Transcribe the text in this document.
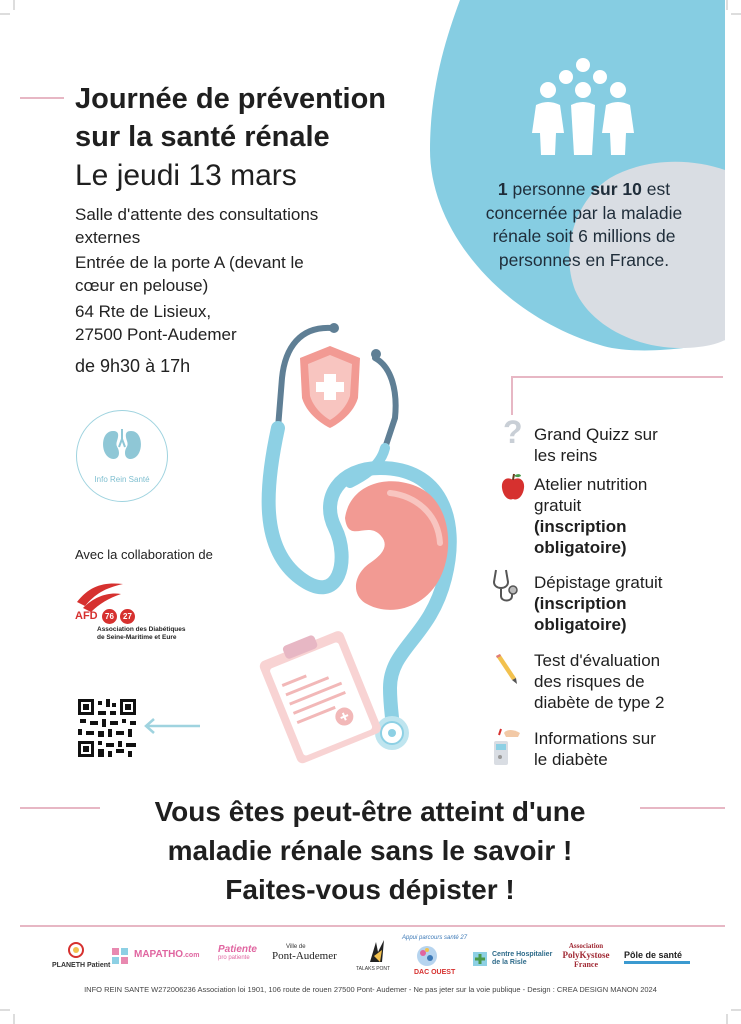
Journée de prévention
sur la santé rénale
Le jeudi 13 mars
Salle d'attente des consultations
externes
Entrée de la porte A (devant le
cœur en pelouse)
64 Rte de Lisieux,
27500 Pont-Audemer
de 9h30 à 17h
1 personne sur 10 est
concernée par la maladie
rénale soit 6 millions de
personnes en France.
Info Rein Santé
Avec la collaboration de
AFD 76	27
Association des Diabétiques
de Seine-Maritime et Eure
? Grand Quizz sur
les reins
Atelier nutrition
gratuit
(inscription
obligatoire)
Dépistage gratuit
(inscription
obligatoire)
Test d'évaluation
des risques de
diabète de type 2
Informations sur
le diabète
Vous êtes peut-être atteint d'une
maladie rénale sans le savoir !
Faites-vous dépister !
PLANETH Patient
MAPATHO.com
Patiente
pro patiente
Ville de
Pont-Audemer
TALAKS PONT
Appui parcours santé 27
DAC OUEST
Centre Hospitalier
de la Risle
Association
PolyKystose
France
Pôle de santé
INFO REIN SANTE W272006236 Association loi 1901, 106 route de rouen 27500 Pont- Audemer - Ne pas jeter sur la voie publique - Design : CREA DESIGN MANON 2024
